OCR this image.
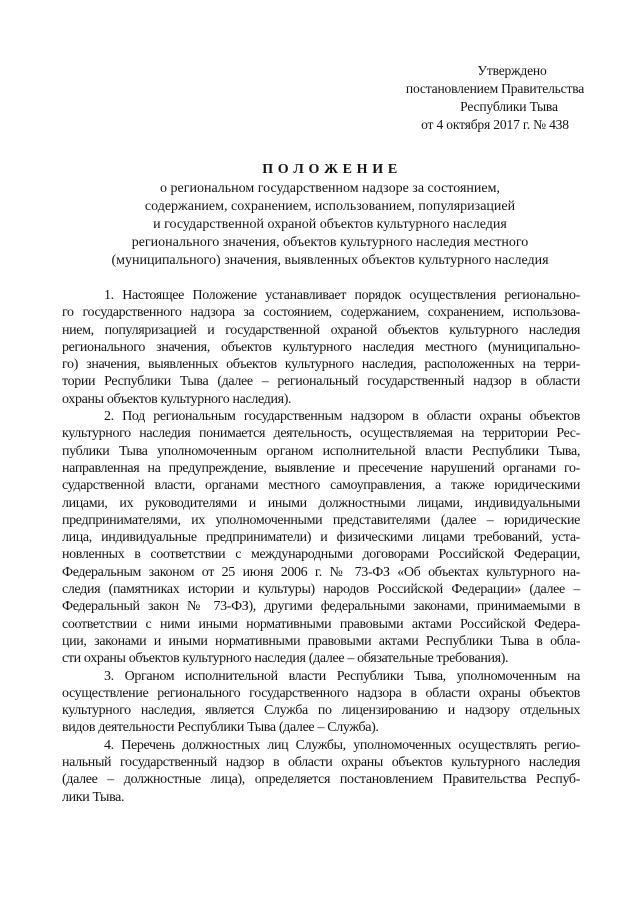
Утверждено
постановлением Правительства
Республики Тыва
от 4 октября 2017 г. № 438
П О Л О Ж Е Н И Е
о региональном государственном надзоре за состоянием,
содержанием, сохранением, использованием, популяризацией
и государственной охраной объектов культурного наследия
регионального значения, объектов культурного наследия местного
(муниципального) значения, выявленных объектов культурного наследия
1. Настоящее Положение устанавливает порядок осуществления регионально-
го государственного надзора за состоянием, содержанием, сохранением, использова-
нием, популяризацией и государственной охраной объектов культурного наследия
регионального значения, объектов культурного наследия местного (муниципально-
го) значения, выявленных объектов культурного наследия, расположенных на терри-
тории Республики Тыва (далее – региональный государственный надзор в области
охраны объектов культурного наследия).
2. Под региональным государственным надзором в области охраны объектов
культурного наследия понимается деятельность, осуществляемая на территории Рес-
публики Тыва уполномоченным органом исполнительной власти Республики Тыва,
направленная на предупреждение, выявление и пресечение нарушений органами го-
сударственной власти, органами местного самоуправления, а также юридическими
лицами, их руководителями и иными должностными лицами, индивидуальными
предпринимателями, их уполномоченными представителями (далее – юридические
лица, индивидуальные предприниматели) и физическими лицами требований, уста-
новленных в соответствии с международными договорами Российской Федерации,
Федеральным законом от 25 июня 2006 г. № 73-ФЗ «Об объектах культурного на-
следия (памятниках истории и культуры) народов Российской Федерации» (далее –
Федеральный закон № 73-ФЗ), другими федеральными законами, принимаемыми в
соответствии с ними иными нормативными правовыми актами Российской Федера-
ции, законами и иными нормативными правовыми актами Республики Тыва в обла-
сти охраны объектов культурного наследия (далее – обязательные требования).
3. Органом исполнительной власти Республики Тыва, уполномоченным на
осуществление регионального государственного надзора в области охраны объектов
культурного наследия, является Служба по лицензированию и надзору отдельных
видов деятельности Республики Тыва (далее – Служба).
4. Перечень должностных лиц Службы, уполномоченных осуществлять регио-
нальный государственный надзор в области охраны объектов культурного наследия
(далее – должностные лица), определяется постановлением Правительства Респуб-
лики Тыва.
